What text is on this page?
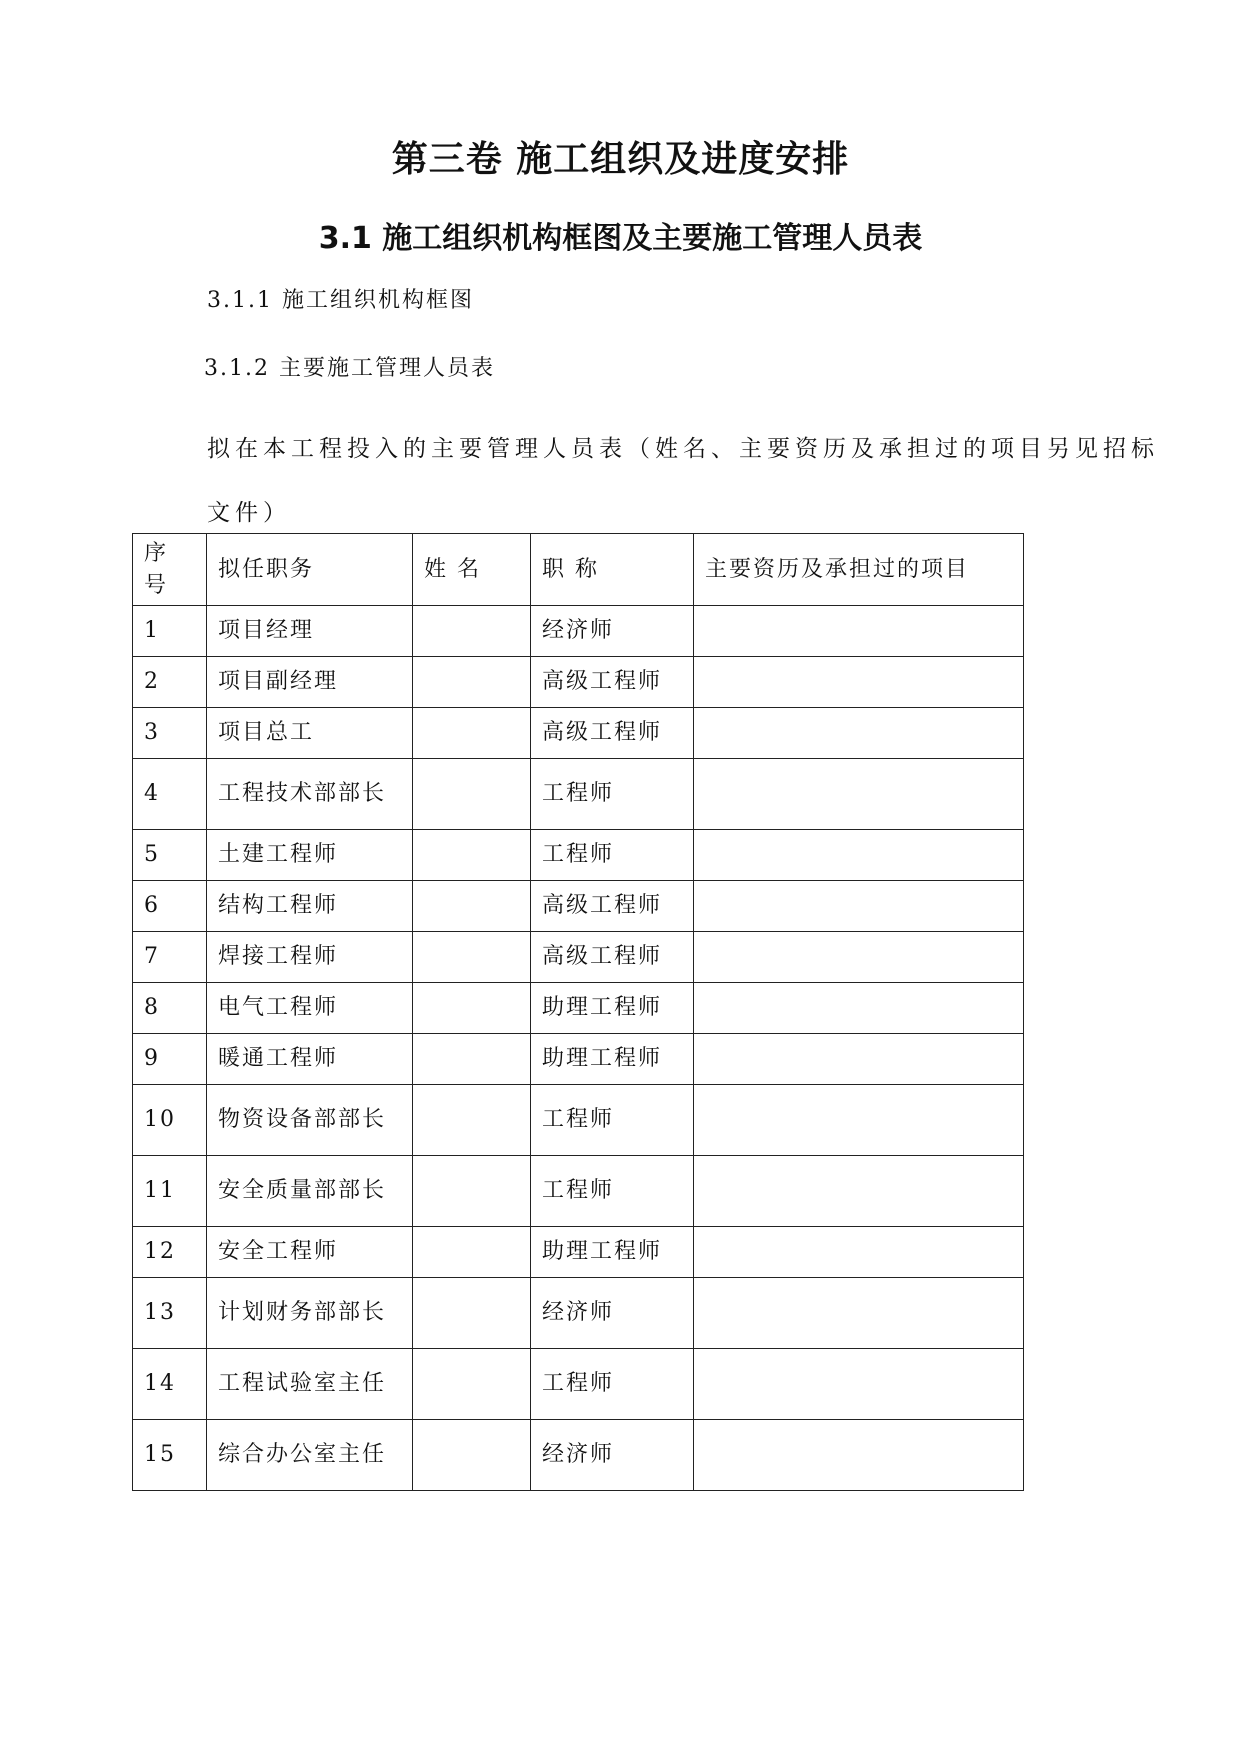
第三卷 施工组织及进度安排
3.1 施工组织机构框图及主要施工管理人员表
3.1.1 施工组织机构框图
3.1.2 主要施工管理人员表
拟在本工程投入的主要管理人员表（姓名、主要资历及承担过的项目另见招标文件）
序号	拟任职务	姓 名	职 称	主要资历及承担过的项目
1	项目经理		经济师	
2	项目副经理		高级工程师	
3	项目总工		高级工程师	
4	工程技术部部长		工程师	
5	土建工程师		工程师	
6	结构工程师		高级工程师	
7	焊接工程师		高级工程师	
8	电气工程师		助理工程师	
9	暖通工程师		助理工程师	
10	物资设备部部长		工程师	
11	安全质量部部长		工程师	
12	安全工程师		助理工程师	
13	计划财务部部长		经济师	
14	工程试验室主任		工程师	
15	综合办公室主任		经济师	
